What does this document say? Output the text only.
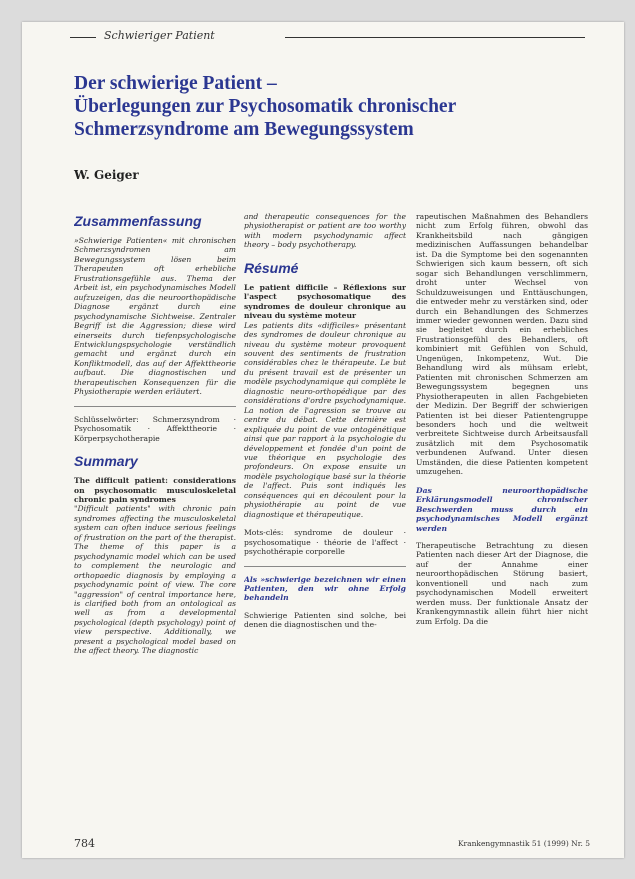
Schwieriger Patient
Der schwierige Patient –
Überlegungen zur Psychosomatik chronischer
Schmerzsyndrome am Bewegungssystem
W. Geiger
Zusammenfassung

»Schwierige Patienten« mit chronischen Schmerzsyndromen am Bewegungssystem lösen beim Therapeuten oft erhebliche Frustrationsgefühle aus. Thema der Arbeit ist, ein psychodynamisches Modell aufzuzeigen, das die neuroorthopädische Diagnose ergänzt durch eine psychodynamische Sichtweise. Zentraler Begriff ist die Aggression; diese wird einerseits durch tiefenpsychologische Entwicklungspsychologie verständlich gemacht und ergänzt durch ein Konfliktmodell, das auf der Affekttheorie aufbaut. Die diagnostischen und therapeutischen Konsequenzen für die Physiotherapie werden erläutert.

Schlüsselwörter: Schmerzsyndrom · Psychosomatik · Affekttheorie · Körperpsychotherapie

Summary

The difficult patient: considerations on psychosomatic musculoskeletal chronic pain syndromes

"Difficult patients" with chronic pain syndromes affecting the musculoskeletal system can often induce serious feelings of frustration on the part of the therapist. The theme of this paper is a psychodynamic model which can be used to complement the neurologic and orthopaedic diagnosis by employing a psychodynamic point of view. The core "aggression" of central importance here, is clarified both from an ontological as well as from a developmental psychological (depth psychology) point of view perspective. Additionally, we present a psychological model based on the affect theory. The diagnostic

and therapeutic consequences for the physiotherapist or patient are too worthy with modern psychodynamic affect theory – body psychotherapy.

Résumé

Le patient difficile – Réflexions sur l'aspect psychosomatique des syndromes de douleur chronique au niveau du système moteur

Les patients dits «difficiles» présentant des syndromes de douleur chronique au niveau du système moteur provoquent souvent des sentiments de frustration considérables chez le thérapeute. Le but du présent travail est de présenter un modèle psychodynamique qui complète le diagnostic neuro-orthopédique par des considérations d'ordre psychodynamique. La notion de l'agression se trouve au centre du débat. Cette dernière est expliquée du point de vue ontogénétique ainsi que par rapport à la psychologie du développement et fondée d'un point de vue théorique en psychologie des profondeurs. On expose ensuite un modèle psychologique basé sur la théorie de l'affect. Puis sont indiqués les conséquences qui en découlent pour la physiothérapie au point de vue diagnostique et thérapeutique.

Mots-clés: syndrome de douleur · psychosomatique · théorie de l'affect · psychothérapie corporelle

Als »schwierige bezeichnen wir einen Patienten, den wir ohne Erfolg behandeln

Schwierige Patienten sind solche, bei denen die diagnostischen und the-

rapeutischen Maßnahmen des Behandlers nicht zum Erfolg führen, obwohl das Krankheitsbild nach gängigen medizinischen Auffassungen behandelbar ist. Da die Symptome bei den sogenannten Schwierigen sich kaum bessern, oft sich sogar sich Behandlungen verschlimmern, droht unter Wechsel von Schuldzuweisungen und Enttäuschungen, die entweder mehr zu verstärken sind, oder durch ein Behandlungen des Schmerzes immer wieder gewonnen werden. Dazu sind sie begleitet durch ein erhebliches Frustrationsgefühl des Behandlers, oft kombiniert mit Gefühlen von Schuld, Ungenügen, Inkompetenz, Wut. Die Behandlung wird als mühsam erlebt, Patienten mit chronischen Schmerzen am Bewegungssystem begegnen uns Physiotherapeuten in allen Fachgebieten der Medizin. Der Begriff der schwierigen Patienten ist bei dieser Patientengruppe besonders hoch und die weltweit verbreitete Sichtweise durch Arbeitsausfall zusätzlich mit dem Psychosomatik verbundenen Aufwand. Unter diesen Umständen, die diese Patienten kompetent umzugehen.

Das neuroorthopädische Erklärungsmodell chronischer Beschwerden muss durch ein psychodynamisches Modell ergänzt werden

Therapeutische Betrachtung zu diesen Patienten nach dieser Art der Diagnose, die auf der Annahme einer neuroorthopädischen Störung basiert, konventionell und nach zum psychodynamischen Modell erweitert werden muss. Der funktionale Ansatz der Krankengymnastik allein führt hier nicht zum Erfolg. Da die

784	Krankengymnastik 51 (1999) Nr. 5
